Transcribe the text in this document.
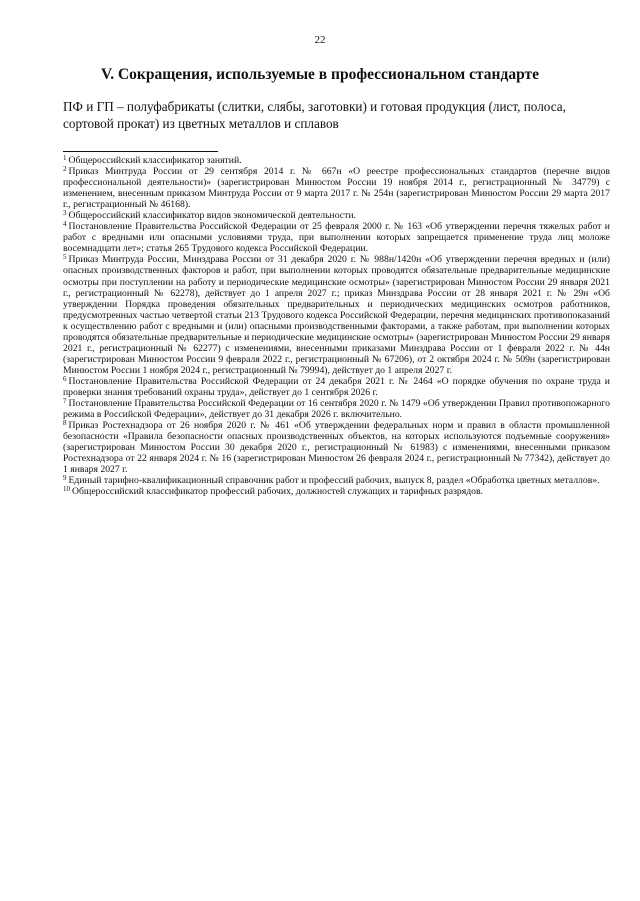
22
V. Сокращения, используемые в профессиональном стандарте

ПФ и ГП – полуфабрикаты (слитки, слябы, заготовки) и готовая продукция (лист, полоса, сортовой прокат) из цветных металлов и сплавов

$^1$ Общероссийский классификатор занятий.

$^2$ Приказ Минтруда России от 29 сентября 2014 г. № 667н «О реестре профессиональных стандартов (перечне видов профессиональной деятельности)» (зарегистрирован Минюстом России 19 ноября 2014 г., регистрационный № 34779) с изменением, внесенным приказом Минтруда России от 9 марта 2017 г. № 254н (зарегистрирован Минюстом России 29 марта 2017 г., регистрационный № 46168).

$^3$ Общероссийский классификатор видов экономической деятельности.

$^4$ Постановление Правительства Российской Федерации от 25 февраля 2000 г. № 163 «Об утверждении перечня тяжелых работ и работ с вредными или опасными условиями труда, при выполнении которых запрещается применение труда лиц моложе восемнадцати лет»; статья 265 Трудового кодекса Российской Федерации.

$^5$ Приказ Минтруда России, Минздрава России от 31 декабря 2020 г. № 988н/1420н «Об утверждении перечня вредных и (или) опасных производственных факторов и работ, при выполнении которых проводятся обязательные предварительные медицинские осмотры при поступлении на работу и периодические медицинские осмотры» (зарегистрирован Минюстом России 29 января 2021 г., регистрационный № 62278), действует до 1 апреля 2027 г.; приказ Минздрава России от 28 января 2021 г. № 29н «Об утверждении Порядка проведения обязательных предварительных и периодических медицинских осмотров работников, предусмотренных частью четвертой статьи 213 Трудового кодекса Российской Федерации, перечня медицинских противопоказаний к осуществлению работ с вредными и (или) опасными производственными факторами, а также работам, при выполнении которых проводятся обязательные предварительные и периодические медицинские осмотры» (зарегистрирован Минюстом России 29 января 2021 г., регистрационный № 62277) с изменениями, внесенными приказами Минздрава России от 1 февраля 2022 г. № 44н (зарегистрирован Минюстом России 9 февраля 2022 г., регистрационный № 67206), от 2 октября 2024 г. № 509н (зарегистрирован Минюстом России 1 ноября 2024 г., регистрационный № 79994), действует до 1 апреля 2027 г.

$^6$ Постановление Правительства Российской Федерации от 24 декабря 2021 г. № 2464 «О порядке обучения по охране труда и проверки знания требований охраны труда», действует до 1 сентября 2026 г.

$^7$ Постановление Правительства Российской Федерации от 16 сентября 2020 г. № 1479 «Об утверждении Правил противопожарного режима в Российской Федерации», действует до 31 декабря 2026 г. включительно.

$^8$ Приказ Ростехнадзора от 26 ноября 2020 г. № 461 «Об утверждении федеральных норм и правил в области промышленной безопасности «Правила безопасности опасных производственных объектов, на которых используются подъемные сооружения» (зарегистрирован Минюстом России 30 декабря 2020 г., регистрационный № 61983) с изменениями, внесенными приказом Ростехнадзора от 22 января 2024 г. № 16 (зарегистрирован Минюстом 26 февраля 2024 г., регистрационный № 77342), действует до 1 января 2027 г.

$^9$ Единый тарифно-квалификационный справочник работ и профессий рабочих, выпуск 8, раздел «Обработка цветных металлов».

$^{10}$ Общероссийский классификатор профессий рабочих, должностей служащих и тарифных разрядов.
